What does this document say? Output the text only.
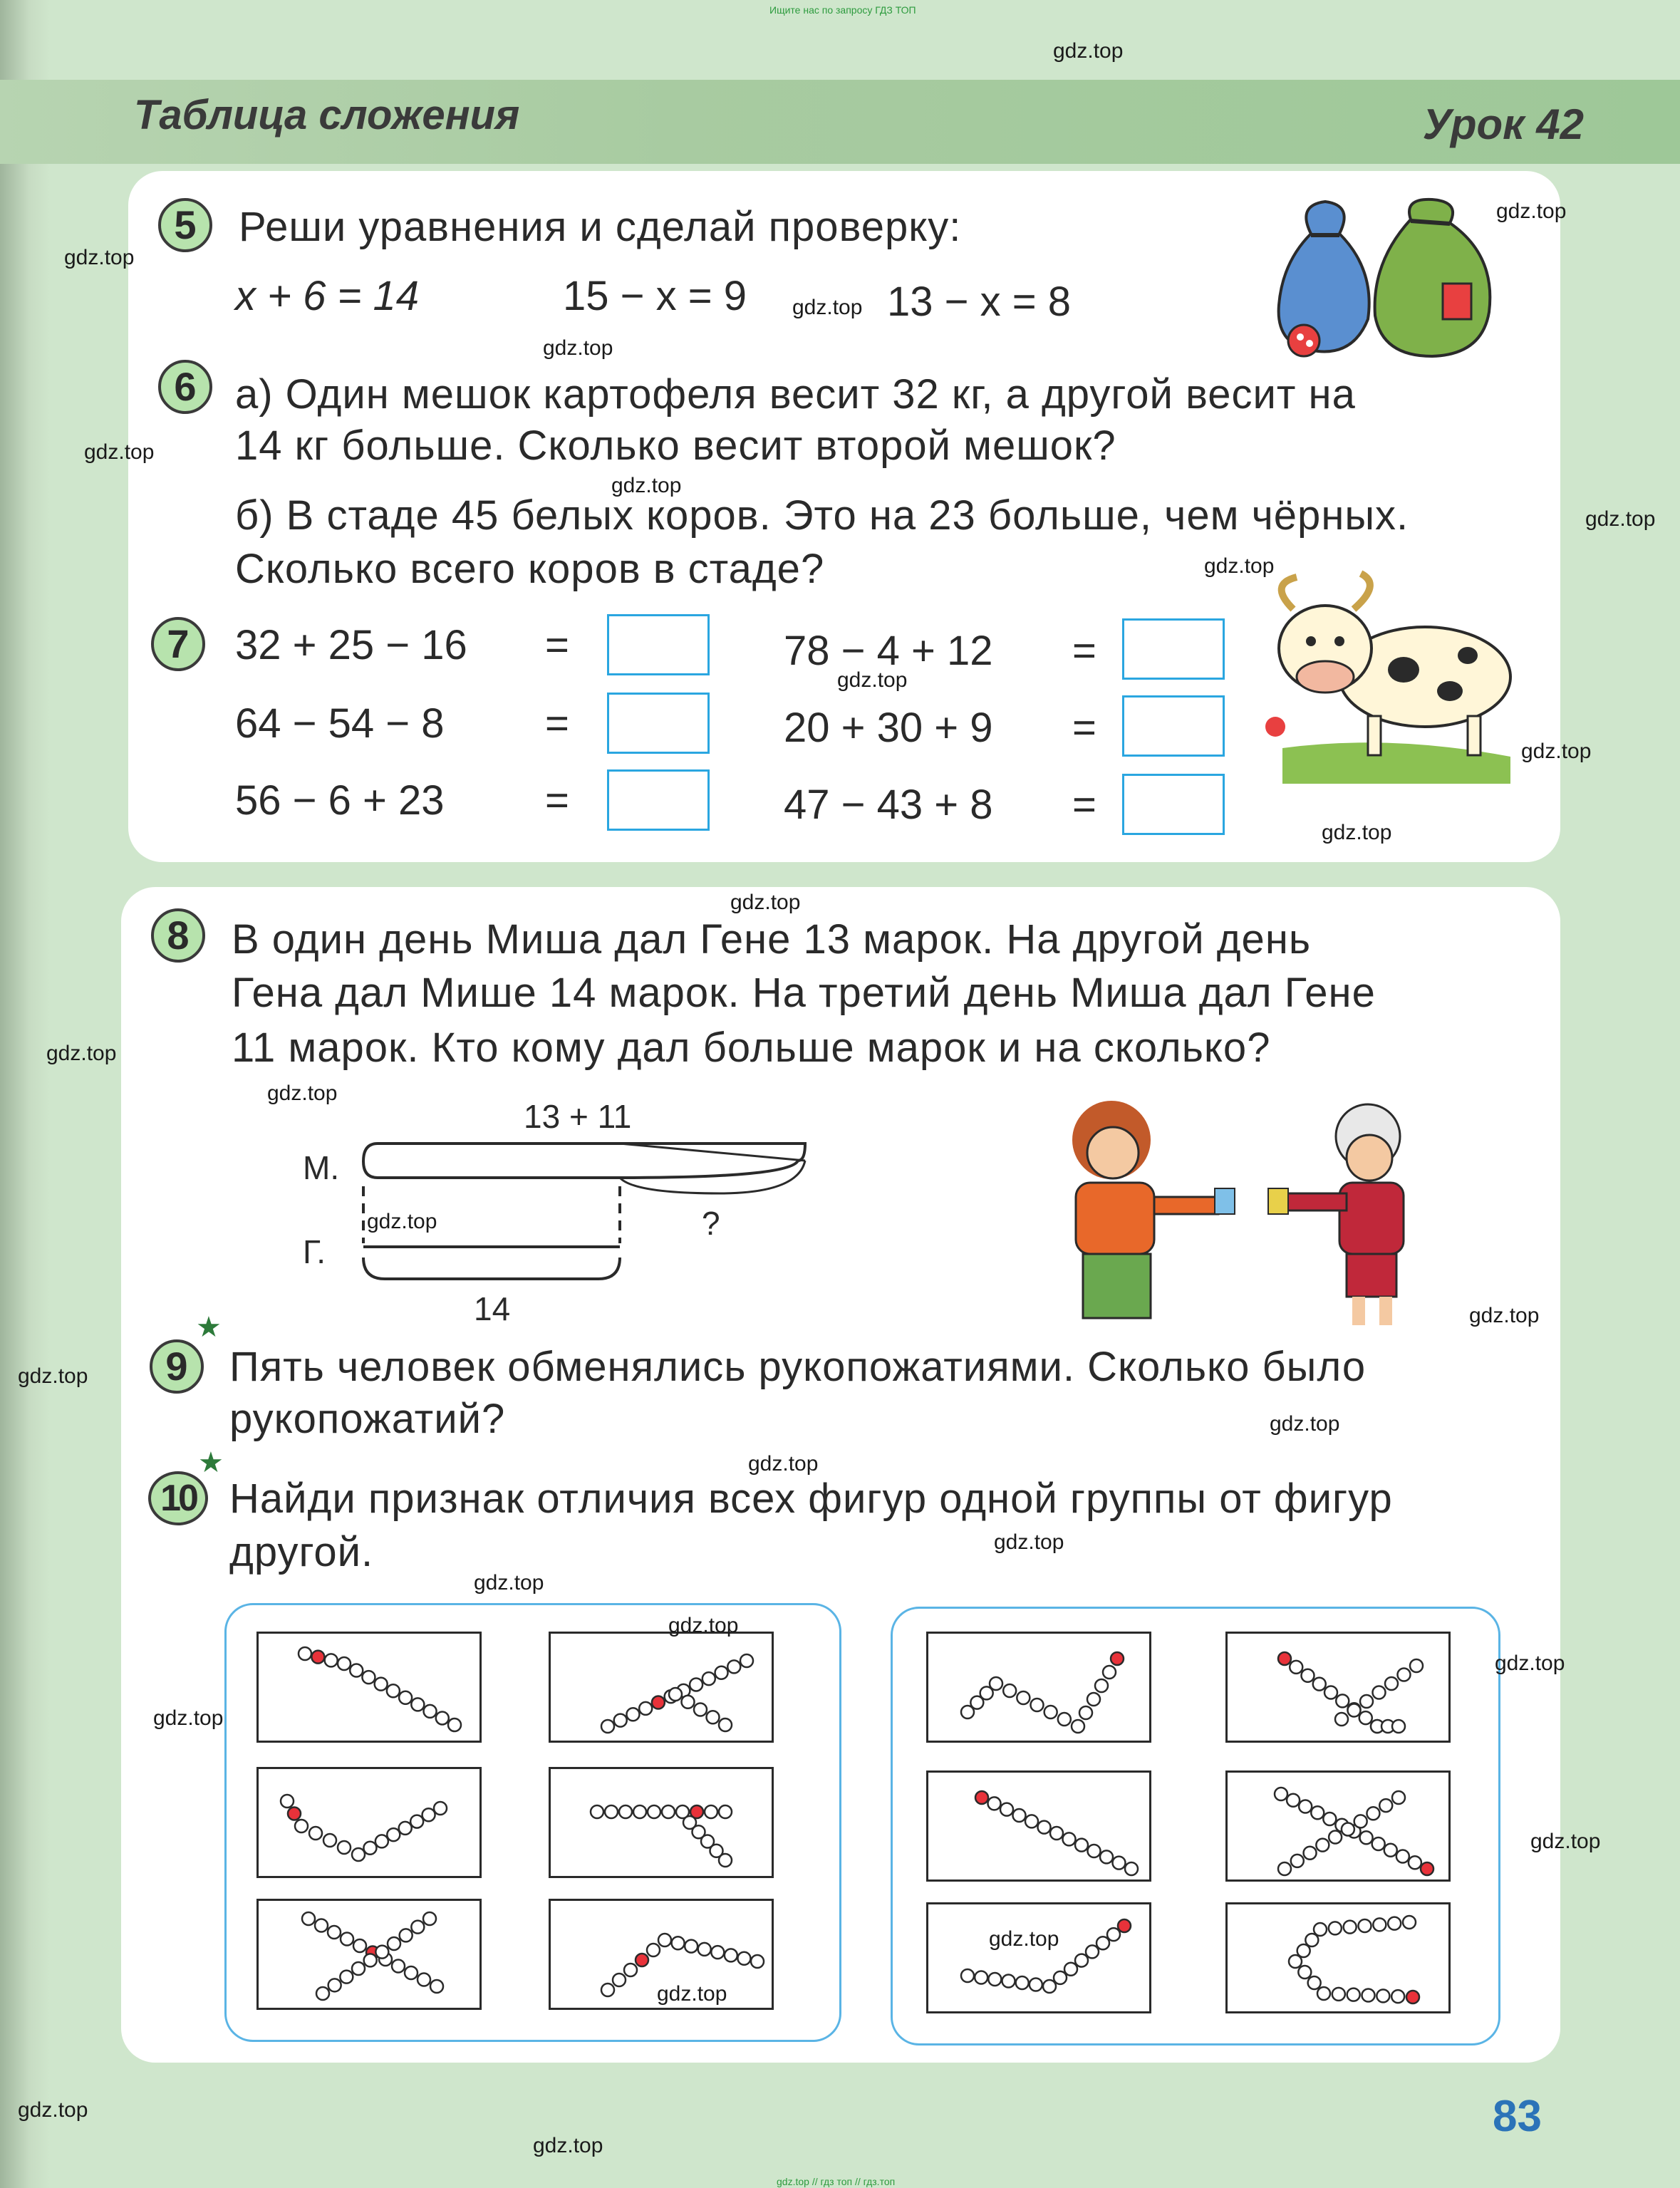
Ищите нас по запросу ГДЗ ТОП
Таблица сложения	Урок 42
5	Реши уравнения и сделай проверку:
x + 6 = 14	15 − x = 9	13 − x = 8
6 а) Один мешок картофеля весит 32 кг, а другой весит на
14 кг больше. Сколько весит второй мешок?
б) В стаде 45 белых коров. Это на 23 больше, чем чёрных.
Сколько всего коров в стаде?
7	32 + 25 − 16 =	78 − 4 + 12 =
64 − 54 − 8 =	20 + 30 + 9 =
56 − 6 + 23 =	47 − 43 + 8 =
8	В один день Миша дал Гене 13 марок. На другой день
Гена дал Мише 14 марок. На третий день Миша дал Гене
11 марок. Кто кому дал больше марок и на сколько?
13 + 11
М.
Г.
?
14
★
9	Пять человек обменялись рукопожатиями. Сколько было
рукопожатий?
★
10 Найди признак отличия всех фигур одной группы от фигур
другой.
gdz.top
gdz.top
gdz.top
gdz.top
gdz.top
gdz.top
gdz.top
gdz.top
gdz.top
gdz.top
gdz.top
gdz.top
gdz.top
gdz.top
gdz.top
gdz.top
gdz.top
gdz.top
gdz.top
gdz.top
gdz.top
gdz.top
gdz.top
gdz.top
gdz.top
gdz.top
gdz.top
gdz.top
gdz.top
gdz.top
83
gdz.top // гдз топ // гдз.топ
